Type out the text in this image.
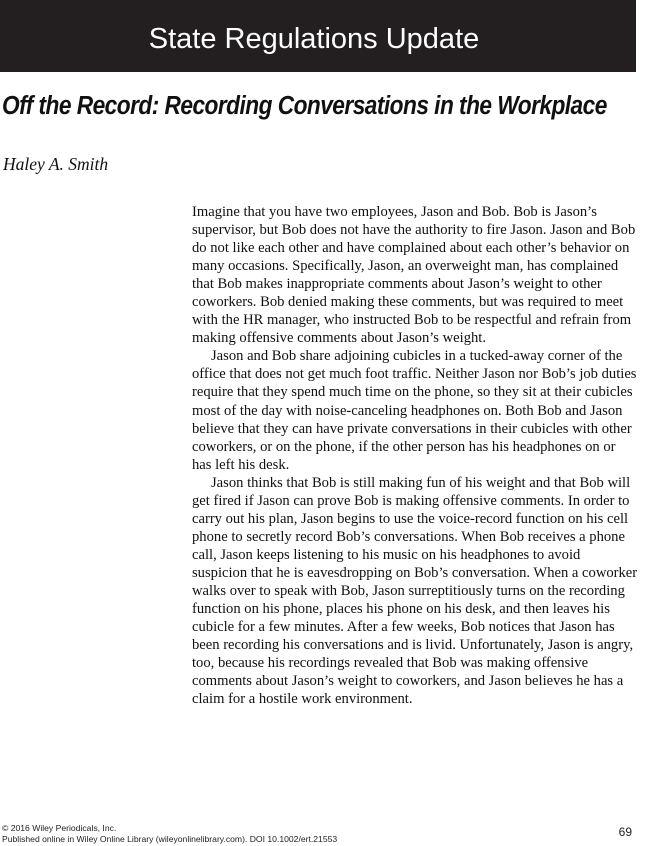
State Regulations Update
Off the Record: Recording Conversations in the Workplace
Haley A. Smith

Imagine that you have two employees, Jason and Bob. Bob is Jason’s supervisor, but Bob does not have the authority to fire Jason. Jason and Bob do not like each other and have complained about each other’s behavior on many occasions. Specifically, Jason, an overweight man, has complained that Bob makes inappropriate comments about Jason’s weight to other coworkers. Bob denied making these comments, but was required to meet with the HR manager, who instructed Bob to be respectful and refrain from making offensive comments about Jason’s weight.

Jason and Bob share adjoining cubicles in a tucked-away corner of the office that does not get much foot traffic. Neither Jason nor Bob’s job duties require that they spend much time on the phone, so they sit at their cubicles most of the day with noise-canceling headphones on. Both Bob and Jason believe that they can have private conversations in their cubicles with other coworkers, or on the phone, if the other person has his headphones on or has left his desk.

Jason thinks that Bob is still making fun of his weight and that Bob will get fired if Jason can prove Bob is making offensive comments. In order to carry out his plan, Jason begins to use the voice-record function on his cell phone to secretly record Bob’s conversations. When Bob receives a phone call, Jason keeps listening to his music on his headphones to avoid suspicion that he is eavesdropping on Bob’s conversation. When a coworker walks over to speak with Bob, Jason surreptitiously turns on the recording function on his phone, places his phone on his desk, and then leaves his cubicle for a few minutes. After a few weeks, Bob notices that Jason has been recording his conversations and is livid. Unfortunately, Jason is angry, too, because his recordings revealed that Bob was making offensive comments about Jason’s weight to coworkers, and Jason believes he has a claim for a hostile work environment.

© 2016 Wiley Periodicals, Inc.
Published online in Wiley Online Library (wileyonlinelibrary.com). DOI 10.1002/ert.21553	69
